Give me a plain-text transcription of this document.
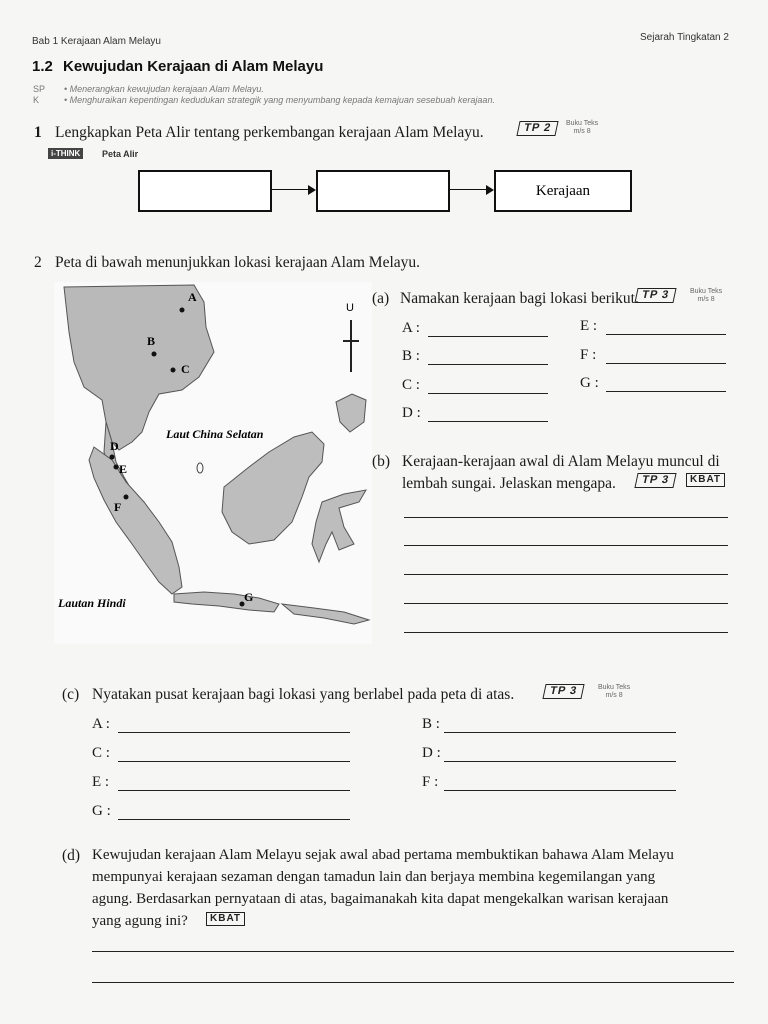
Bab 1 Kerajaan Alam Melayu	Sejarah Tingkatan 2
1.2 Kewujudan Kerajaan di Alam Melayu
SP • Menerangkan kewujudan kerajaan Alam Melayu.
K	• Menghuraikan kepentingan kedudukan strategik yang menyumbang kepada kemajuan sesebuah kerajaan.
1 Lengkapkan Peta Alir tentang perkembangan kerajaan Alam Melayu.	TP 2	Buku Teks
m/s 8
i-THINK	Peta Alir
Kerajaan
2 Peta di bawah menunjukkan lokasi kerajaan Alam Melayu.
A
B
C
D
E
F
G
Laut China Selatan
Lautan Hindi
U
(a) Namakan kerajaan bagi lokasi berikut. TP 3	Buku Teks
m/s 8
A :
B :
C :
D :
E :
F :
G :
(b) Kerajaan-kerajaan awal di Alam Melayu muncul di
lembah sungai. Jelaskan mengapa.	TP 3	KBAT
(c) Nyatakan pusat kerajaan bagi lokasi yang berlabel pada peta di atas.	TP 3	Buku Teks
m/s 8
A :
C :
E :
G :
B :
D :
F :
(d) Kewujudan kerajaan Alam Melayu sejak awal abad pertama membuktikan bahawa Alam Melayu
mempunyai kerajaan sezaman dengan tamadun lain dan berjaya membina kegemilangan yang
agung. Berdasarkan pernyataan di atas, bagaimanakah kita dapat mengekalkan warisan kerajaan
yang agung ini?	KBAT
